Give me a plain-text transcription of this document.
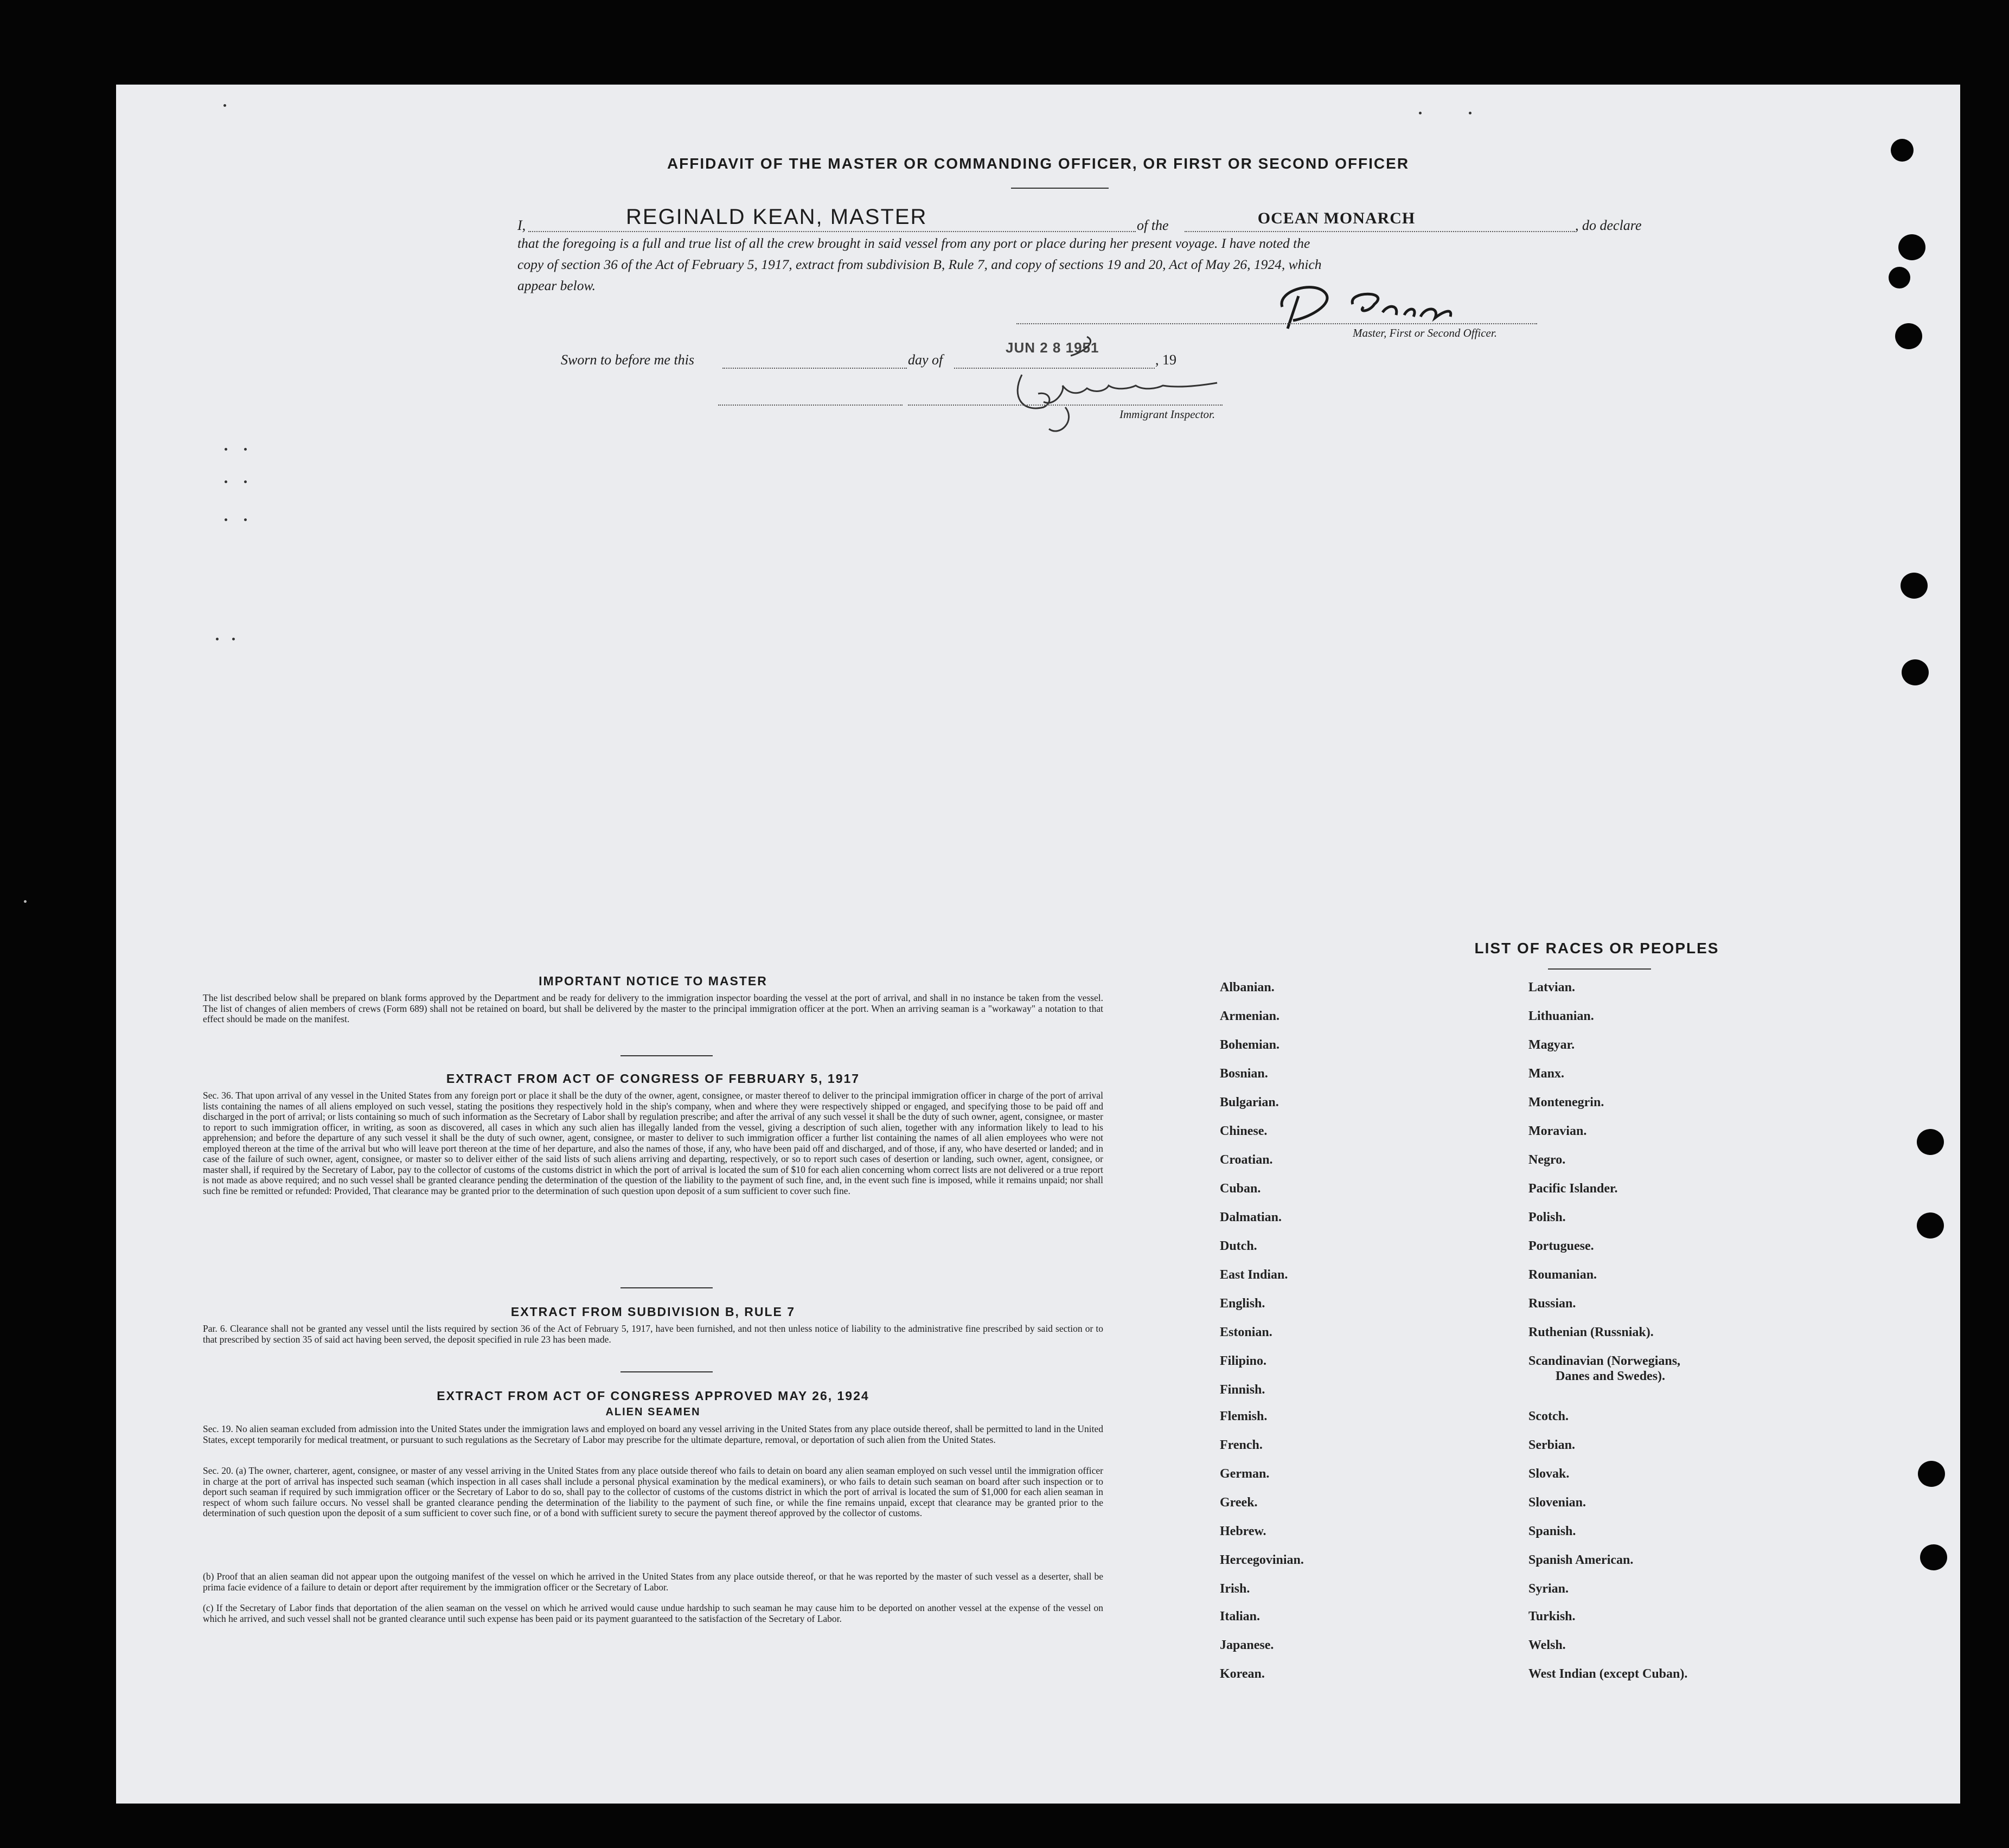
AFFIDAVIT OF THE MASTER OR COMMANDING OFFICER, OR FIRST OR SECOND OFFICER
I,	REGINALD KEAN, MASTER	of the	OCEAN MONARCH	, do declare
that the foregoing is a full and true list of all the crew brought in said vessel from any port or place during her present voyage. I have noted the
copy of section 36 of the Act of February 5, 1917, extract from subdivision B, Rule 7, and copy of sections 19 and 20, Act of May 26, 1924, which
appear below.
Master, First or Second Officer.
Sworn to before me this	day of
JUN 2 8 1951
, 19
Immigrant Inspector.
IMPORTANT NOTICE TO MASTER
The list described below shall be prepared on blank forms approved by the Department and be ready for delivery to the immigration inspector boarding the vessel at the port of arrival, and shall in no instance be taken from the vessel. The list of changes of alien members of crews (Form 689) shall not be retained on board, but shall be delivered by the master to the principal immigration officer at the port. When an arriving seaman is a "workaway" a notation to that effect should be made on the manifest.
EXTRACT FROM ACT OF CONGRESS OF FEBRUARY 5, 1917
Sec. 36. That upon arrival of any vessel in the United States from any foreign port or place it shall be the duty of the owner, agent, consignee, or master thereof to deliver to the principal immigration officer in charge of the port of arrival lists containing the names of all aliens employed on such vessel, stating the positions they respectively hold in the ship's company, when and where they were respectively shipped or engaged, and specifying those to be paid off and discharged in the port of arrival; or lists containing so much of such information as the Secretary of Labor shall by regulation prescribe; and after the arrival of any such vessel it shall be the duty of such owner, agent, consignee, or master to report to such immigration officer, in writing, as soon as discovered, all cases in which any such alien has illegally landed from the vessel, giving a description of such alien, together with any information likely to lead to his apprehension; and before the departure of any such vessel it shall be the duty of such owner, agent, consignee, or master to deliver to such immigration officer a further list containing the names of all alien employees who were not employed thereon at the time of the arrival but who will leave port thereon at the time of her departure, and also the names of those, if any, who have been paid off and discharged, and of those, if any, who have deserted or landed; and in case of the failure of such owner, agent, consignee, or master so to deliver either of the said lists of such aliens arriving and departing, respectively, or so to report such cases of desertion or landing, such owner, agent, consignee, or master shall, if required by the Secretary of Labor, pay to the collector of customs of the customs district in which the port of arrival is located the sum of $10 for each alien concerning whom correct lists are not delivered or a true report is not made as above required; and no such vessel shall be granted clearance pending the determination of the question of the liability to the payment of such fine, and, in the event such fine is imposed, while it remains unpaid; nor shall such fine be remitted or refunded: Provided, That clearance may be granted prior to the determination of such question upon deposit of a sum sufficient to cover such fine.
EXTRACT FROM SUBDIVISION B, RULE 7
Par. 6. Clearance shall not be granted any vessel until the lists required by section 36 of the Act of February 5, 1917, have been furnished, and not then unless notice of liability to the administrative fine prescribed by said section or to that prescribed by section 35 of said act having been served, the deposit specified in rule 23 has been made.
EXTRACT FROM ACT OF CONGRESS APPROVED MAY 26, 1924
ALIEN SEAMEN
Sec. 19. No alien seaman excluded from admission into the United States under the immigration laws and employed on board any vessel arriving in the United States from any place outside thereof, shall be permitted to land in the United States, except temporarily for medical treatment, or pursuant to such regulations as the Secretary of Labor may prescribe for the ultimate departure, removal, or deportation of such alien from the United States.
Sec. 20. (a) The owner, charterer, agent, consignee, or master of any vessel arriving in the United States from any place outside thereof who fails to detain on board any alien seaman employed on such vessel until the immigration officer in charge at the port of arrival has inspected such seaman (which inspection in all cases shall include a personal physical examination by the medical examiners), or who fails to detain such seaman on board after such inspection or to deport such seaman if required by such immigration officer or the Secretary of Labor to do so, shall pay to the collector of customs of the customs district in which the port of arrival is located the sum of $1,000 for each alien seaman in respect of whom such failure occurs. No vessel shall be granted clearance pending the determination of the liability to the payment of such fine, or while the fine remains unpaid, except that clearance may be granted prior to the determination of such question upon the deposit of a sum sufficient to cover such fine, or of a bond with sufficient surety to secure the payment thereof approved by the collector of customs.
(b) Proof that an alien seaman did not appear upon the outgoing manifest of the vessel on which he arrived in the United States from any place outside thereof, or that he was reported by the master of such vessel as a deserter, shall be prima facie evidence of a failure to detain or deport after requirement by the immigration officer or the Secretary of Labor.
(c) If the Secretary of Labor finds that deportation of the alien seaman on the vessel on which he arrived would cause undue hardship to such seaman he may cause him to be deported on another vessel at the expense of the vessel on which he arrived, and such vessel shall not be granted clearance until such expense has been paid or its payment guaranteed to the satisfaction of the Secretary of Labor.
LIST OF RACES OR PEOPLES
Albanian.
Armenian.
Bohemian.
Bosnian.
Bulgarian.
Chinese.
Croatian.
Cuban.
Dalmatian.
Dutch.
East Indian.
English.
Estonian.
Filipino.
Finnish.
Flemish.
French.
German.
Greek.
Hebrew.
Hercegovinian.
Irish.
Italian.
Japanese.
Korean.
Latvian.
Lithuanian.
Magyar.
Manx.
Montenegrin.
Moravian.
Negro.
Pacific Islander.
Polish.
Portuguese.
Roumanian.
Russian.
Ruthenian (Russniak).
Scandinavian (Norwegians,
Danes and Swedes).
Scotch.
Serbian.
Slovak.
Slovenian.
Spanish.
Spanish American.
Syrian.
Turkish.
Welsh.
West Indian (except Cuban).
